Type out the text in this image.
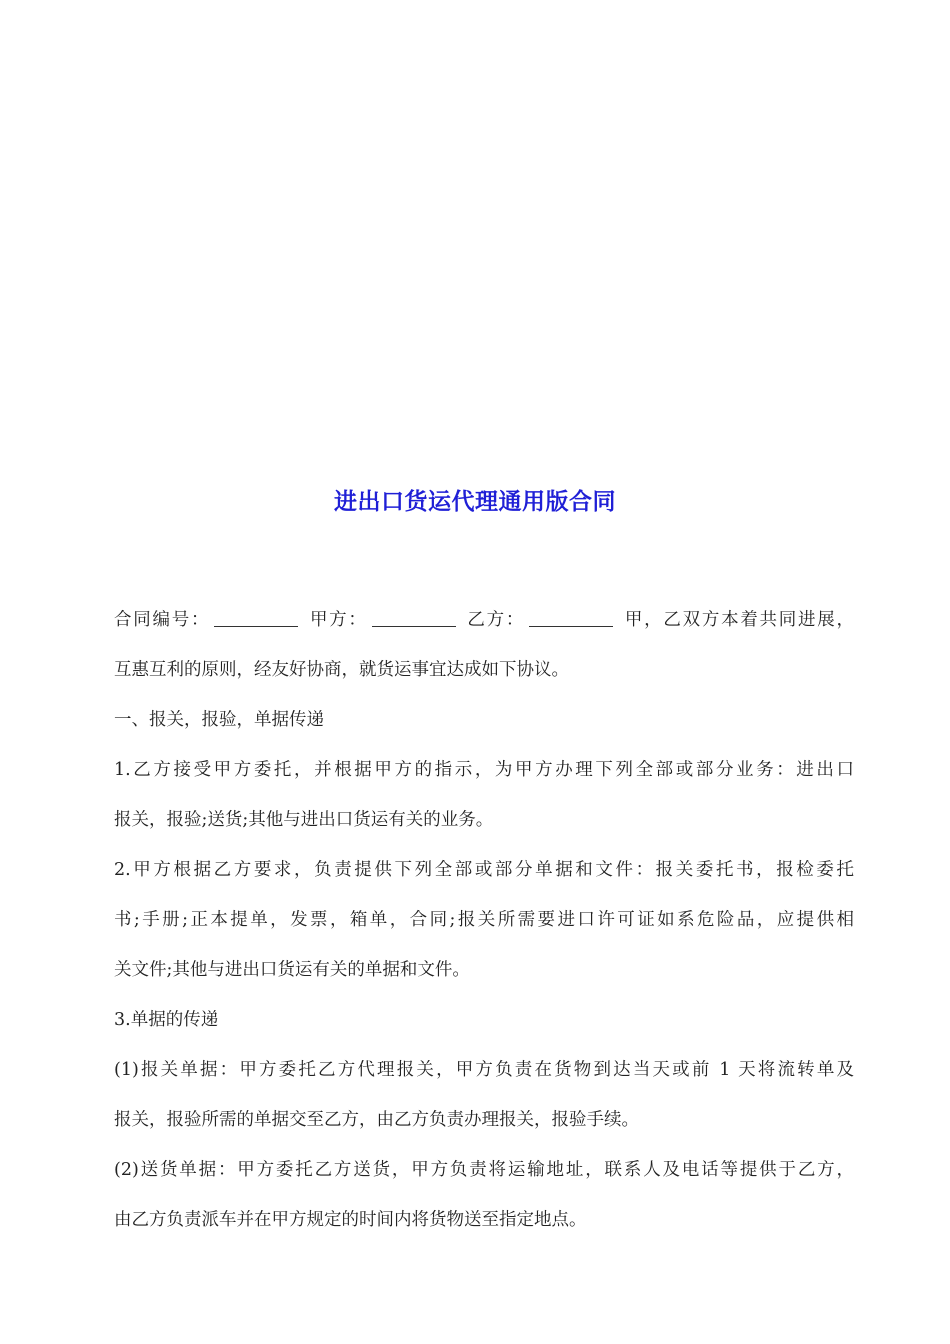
进出口货运代理通用版合同
合同编号：	甲方：	乙方：	甲，乙双方本着共同进展，
互惠互利的原则，经友好协商，就货运事宜达成如下协议。
一、报关，报验，单据传递
1.乙方接受甲方委托，并根据甲方的指示，为甲方办理下列全部或部分业务：进出口
报关，报验;送货;其他与进出口货运有关的业务。
2.甲方根据乙方要求，负责提供下列全部或部分单据和文件：报关委托书，报检委托
书;手册;正本提单，发票，箱单，合同;报关所需要进口许可证如系危险品，应提供相
关文件;其他与进出口货运有关的单据和文件。
3.单据的传递
(1)报关单据：甲方委托乙方代理报关，甲方负责在货物到达当天或前 1 天将流转单及
报关，报验所需的单据交至乙方，由乙方负责办理报关，报验手续。
(2)送货单据：甲方委托乙方送货，甲方负责将运输地址，联系人及电话等提供于乙方，
由乙方负责派车并在甲方规定的时间内将货物送至指定地点。
